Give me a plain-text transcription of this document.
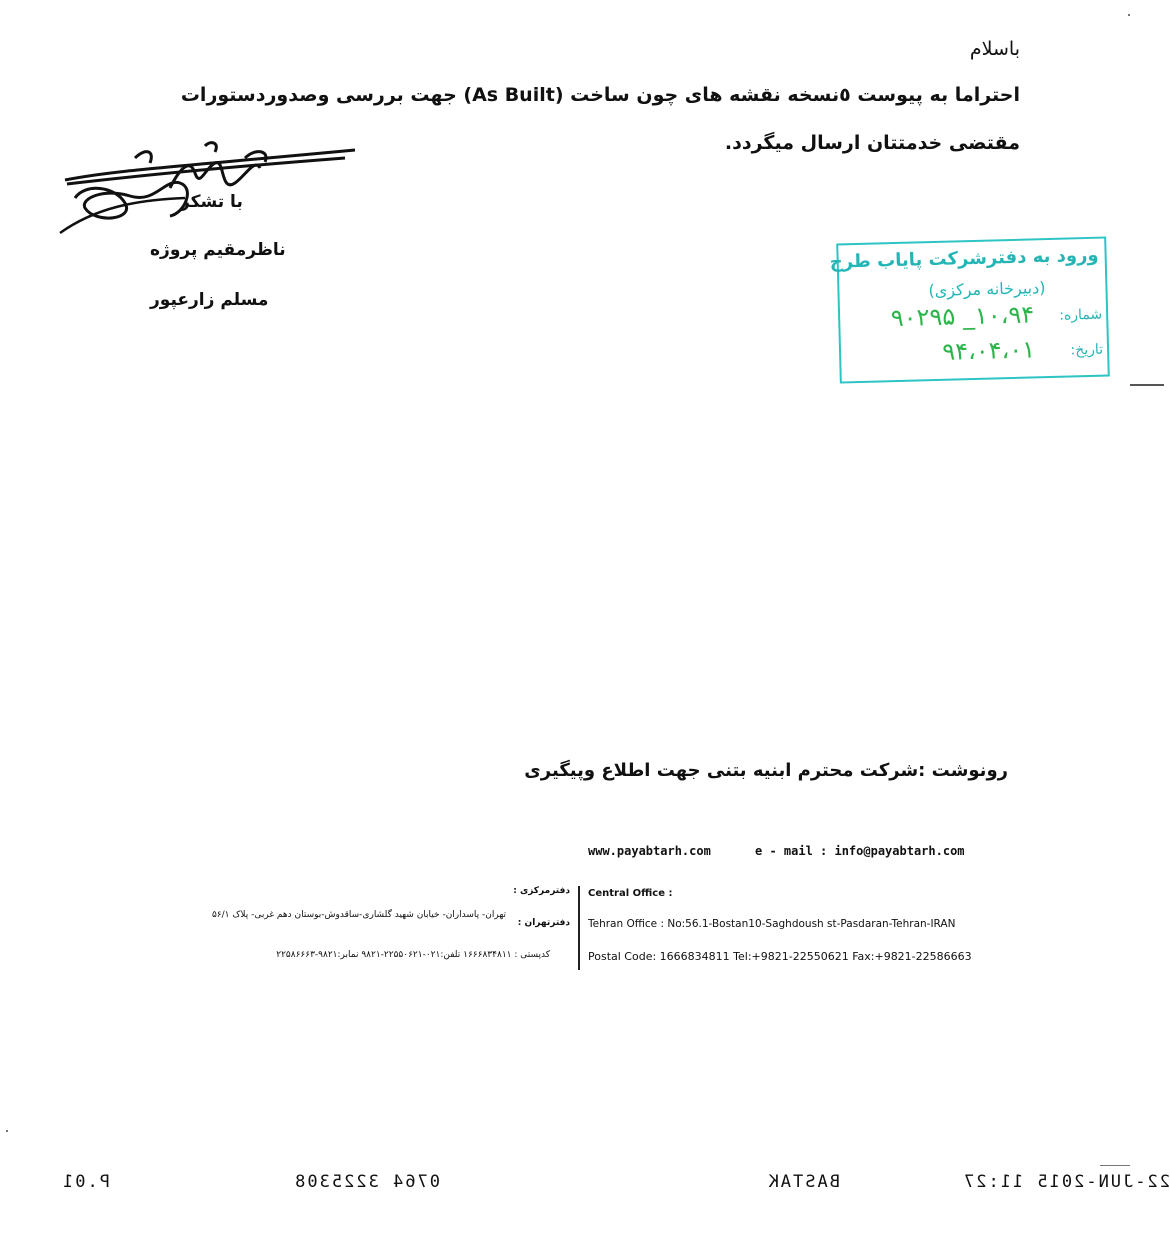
باسلام
احتراما به پیوست ٥نسخه نقشه های چون ساخت (As Built) جهت بررسی وصدوردستورات
مقتضی خدمتتان ارسال میگردد.
با تشکر
ناظرمقیم پروژه
مسلم زارعپور
ورود به دفترشرکت پایاب طرح
(دبیرخانه مرکزی)
شماره:
۱۰،۹۴_ ۹۰۲۹۵
تاریخ:
۹۴،۰۴،۰۱
رونوشت :شرکت محترم ابنیه بتنی جهت اطلاع وپیگیری
www.payabtarh.com	e - mail : info@payabtarh.com
Central Office :
Tehran Office : No:56.1-Bostan10-Saghdoush st-Pasdaran-Tehran-IRAN
Postal Code: 1666834811 Tel:+9821-22550621 Fax:+9821-22586663
دفترمرکزی :
دفترتهران :
تهران- پاسداران- خیابان شهید گلشاری-ساقدوش-بوستان دهم غربی- پلاک ۵۶/۱
کدپستی : ۱۶۶۶۸۳۴۸۱۱ تلفن:۰۲۱-۲۲۵۵۰۶۲۱-۹۸۲۱ نمابر:۹۸۲۱-۲۲۵۸۶۶۶۳
22-JUN-2015 11:27
BASTAK
0764 3225308
P.01
